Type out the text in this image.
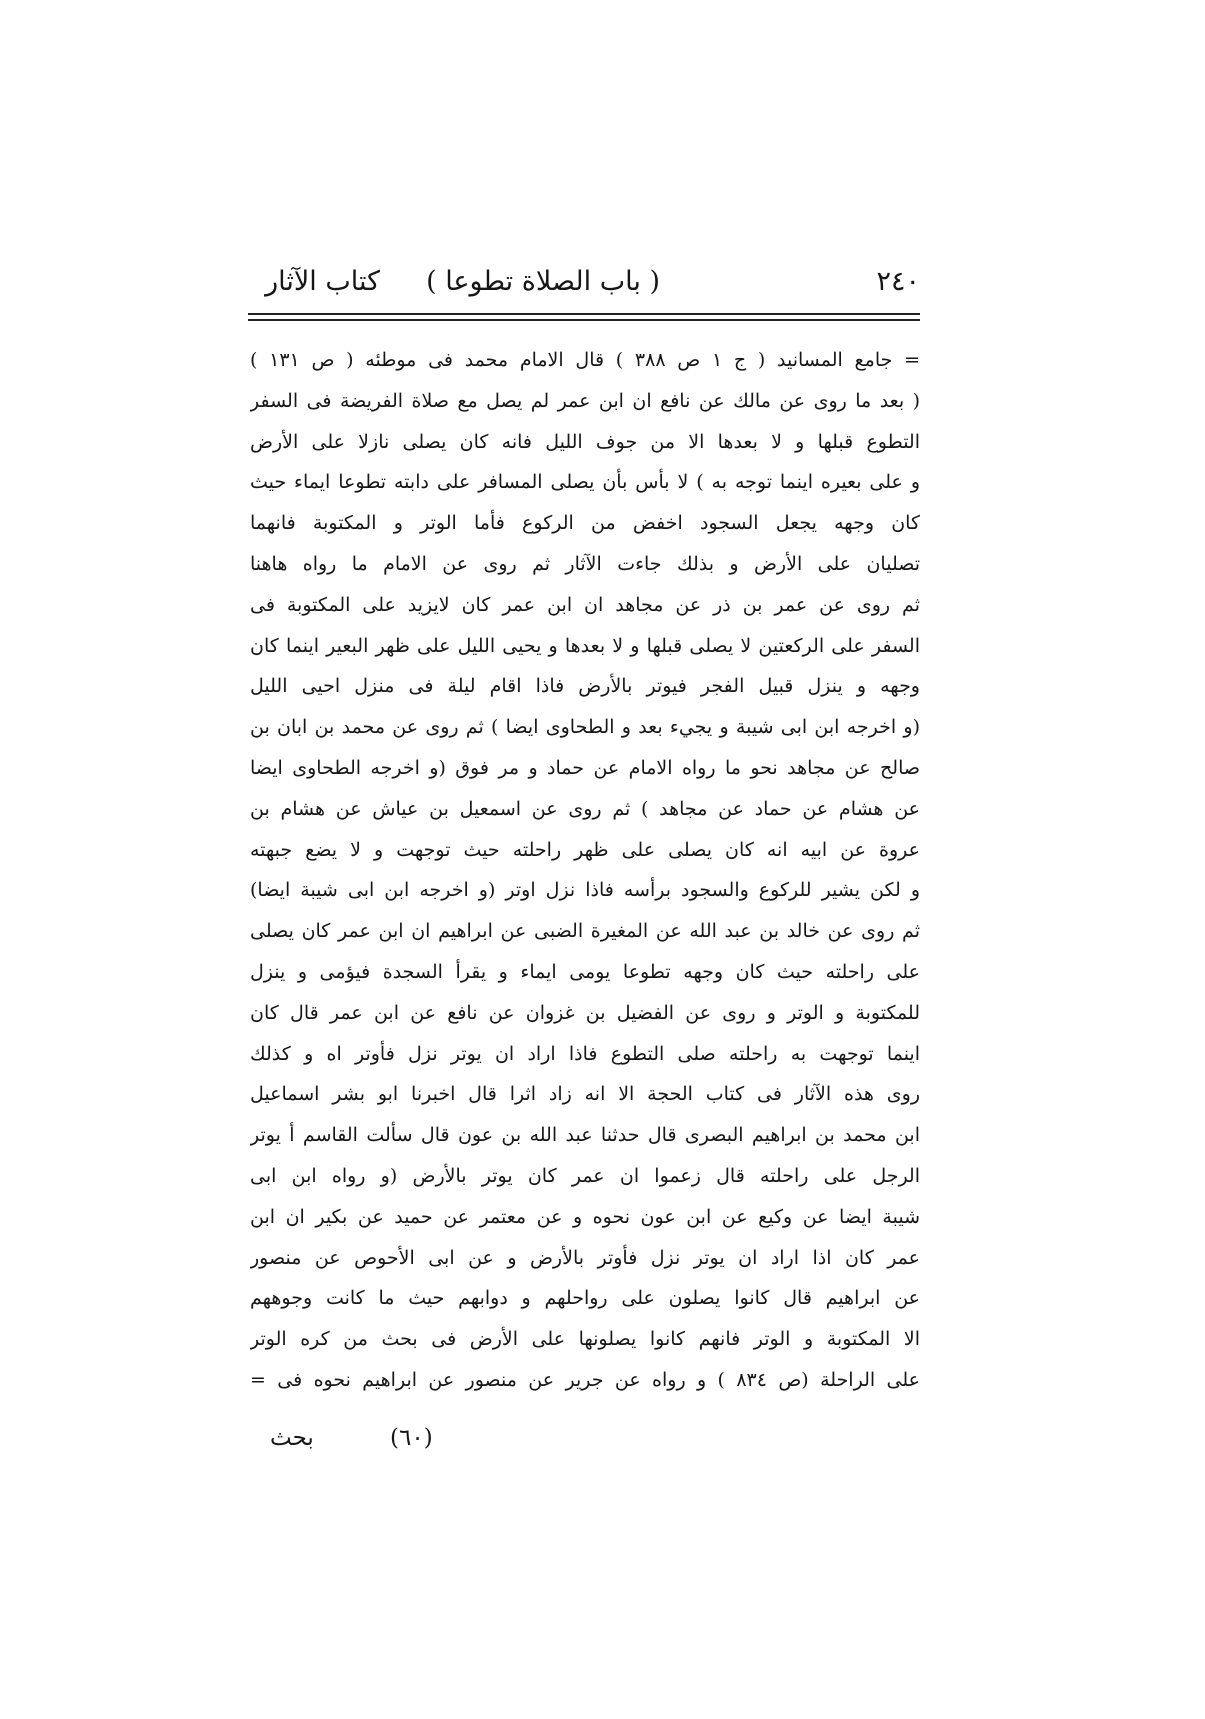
٢٤٠
( باب الصلاة تطوعا )
كتاب الآثار
= جامع المسانيد ( ج ١ ص ٣٨٨ ) قال الامام محمد فى موطئه ( ص ١٣١ )
( بعد ما روى عن مالك عن نافع ان ابن عمر لم يصل مع صلاة الفريضة فى السفر
التطوع قبلها و لا بعدها الا من جوف الليل فانه كان يصلى نازلا على الأرض
و على بعيره اينما توجه به ) لا بأس بأن يصلى المسافر على دابته تطوعا ايماء حيث
كان وجهه يجعل السجود اخفض من الركوع فأما الوتر و المكتوبة فانهما
تصليان على الأرض و بذلك جاءت الآثار ثم روى عن الامام ما رواه هاهنا
ثم روى عن عمر بن ذر عن مجاهد ان ابن عمر كان لايزيد على المكتوبة فى
السفر على الركعتين لا يصلى قبلها و لا بعدها و يحيى الليل على ظهر البعير اينما كان
وجهه و ينزل قبيل الفجر فيوتر بالأرض فاذا اقام ليلة فى منزل احيى الليل
(و اخرجه ابن ابى شيبة و يجيء بعد و الطحاوى ايضا ) ثم روى عن محمد بن ابان بن
صالح عن مجاهد نحو ما رواه الامام عن حماد و مر فوق (و اخرجه الطحاوى ايضا
عن هشام عن حماد عن مجاهد ) ثم روى عن اسمعيل بن عياش عن هشام بن
عروة عن ابيه انه كان يصلى على ظهر راحلته حيث توجهت و لا يضع جبهته
و لكن يشير للركوع والسجود برأسه فاذا نزل اوتر (و اخرجه ابن ابى شيبة ايضا)
ثم روى عن خالد بن عبد الله عن المغيرة الضبى عن ابراهيم ان ابن عمر كان يصلى
على راحلته حيث كان وجهه تطوعا يومى ايماء و يقرأ السجدة فيؤمى و ينزل
للمكتوبة و الوتر و روى عن الفضيل بن غزوان عن نافع عن ابن عمر قال كان
اينما توجهت به راحلته صلى التطوع فاذا اراد ان يوتر نزل فأوتر اه و كذلك
روى هذه الآثار فى كتاب الحجة الا انه زاد اثرا قال اخبرنا ابو بشر اسماعيل
ابن محمد بن ابراهيم البصرى قال حدثنا عبد الله بن عون قال سألت القاسم أ يوتر
الرجل على راحلته قال زعموا ان عمر كان يوتر بالأرض (و رواه ابن ابى
شيبة ايضا عن وكيع عن ابن عون نحوه و عن معتمر عن حميد عن بكير ان ابن
عمر كان اذا اراد ان يوتر نزل فأوتر بالأرض و عن ابى الأحوص عن منصور
عن ابراهيم قال كانوا يصلون على رواحلهم و دوابهم حيث ما كانت وجوههم
الا المكتوبة و الوتر فانهم كانوا يصلونها على الأرض فى بحث من كره الوتر
على الراحلة (ص ٨٣٤ ) و رواه عن جرير عن منصور عن ابراهيم نحوه فى =
(٦٠)
بحث
